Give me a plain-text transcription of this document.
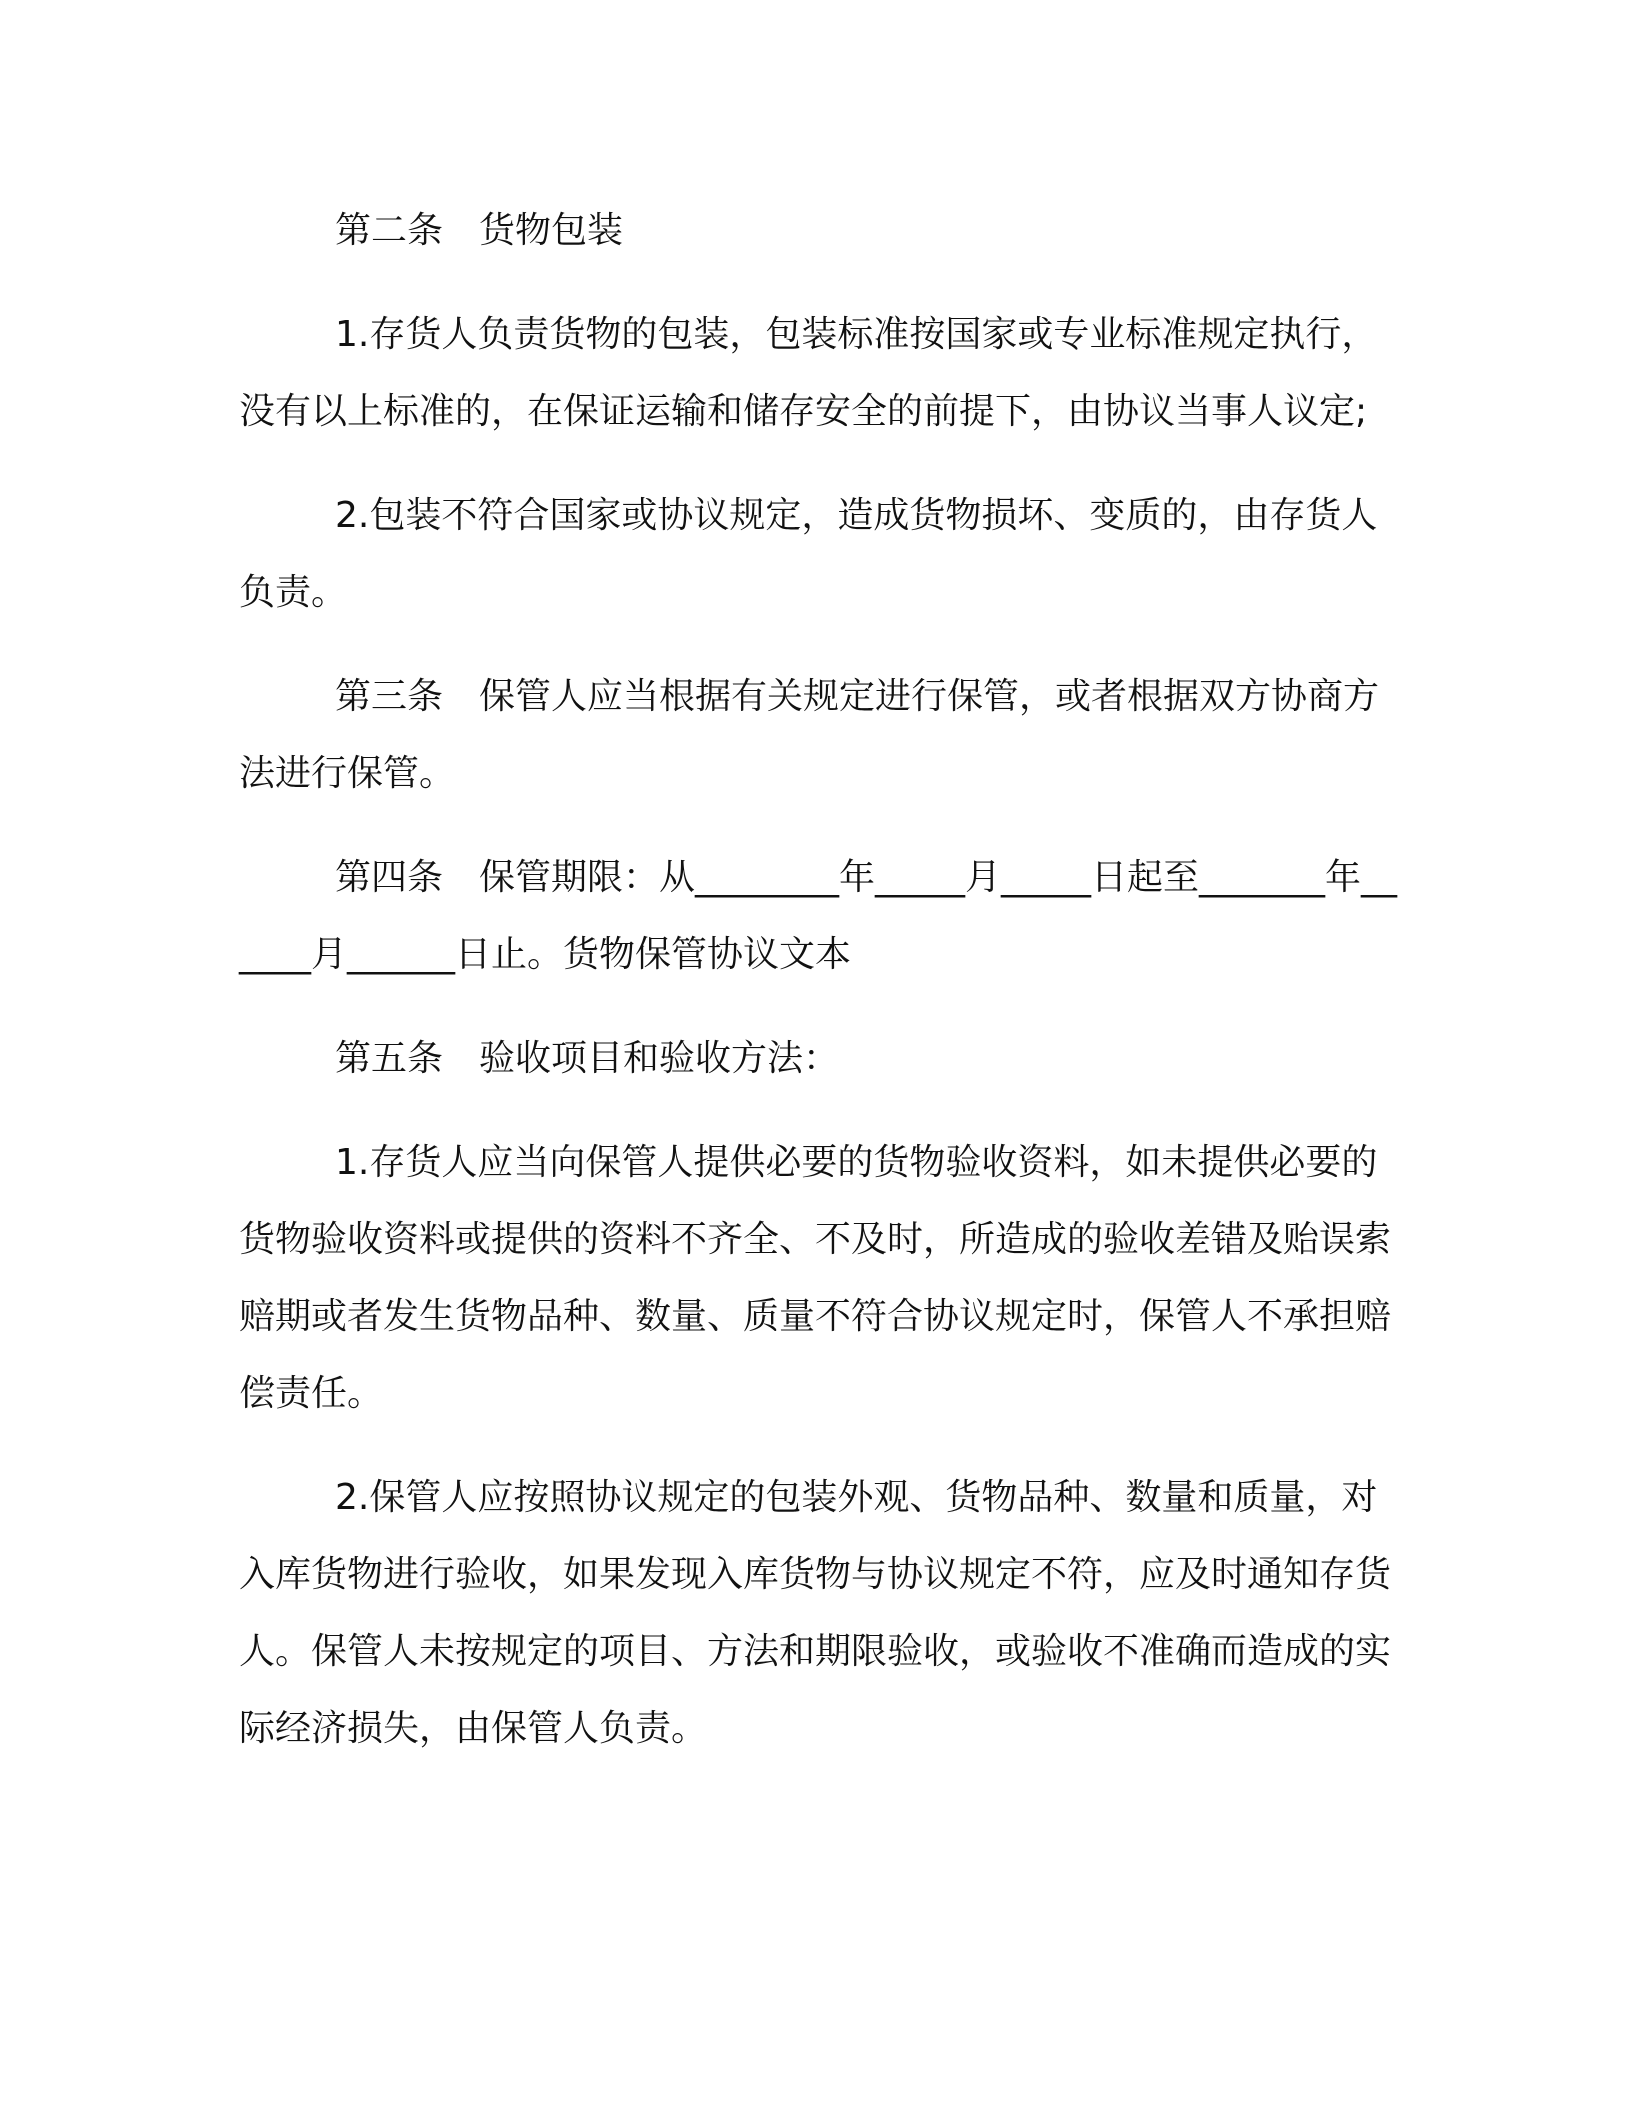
第二条　货物包装

1.存货人负责货物的包装，包装标准按国家或专业标准规定执行，没有以上标准的，在保证运输和储存安全的前提下，由协议当事人议定;

2.包装不符合国家或协议规定，造成货物损坏、变质的，由存货人负责。

第三条　保管人应当根据有关规定进行保管，或者根据双方协商方法进行保管。

第四条　保管期限：从________年_____月_____日起至_______年______月______日止。货物保管协议文本

第五条　验收项目和验收方法：

1.存货人应当向保管人提供必要的货物验收资料，如未提供必要的货物验收资料或提供的资料不齐全、不及时，所造成的验收差错及贻误索赔期或者发生货物品种、数量、质量不符合协议规定时，保管人不承担赔偿责任。

2.保管人应按照协议规定的包装外观、货物品种、数量和质量，对入库货物进行验收，如果发现入库货物与协议规定不符，应及时通知存货人。保管人未按规定的项目、方法和期限验收，或验收不准确而造成的实际经济损失，由保管人负责。
